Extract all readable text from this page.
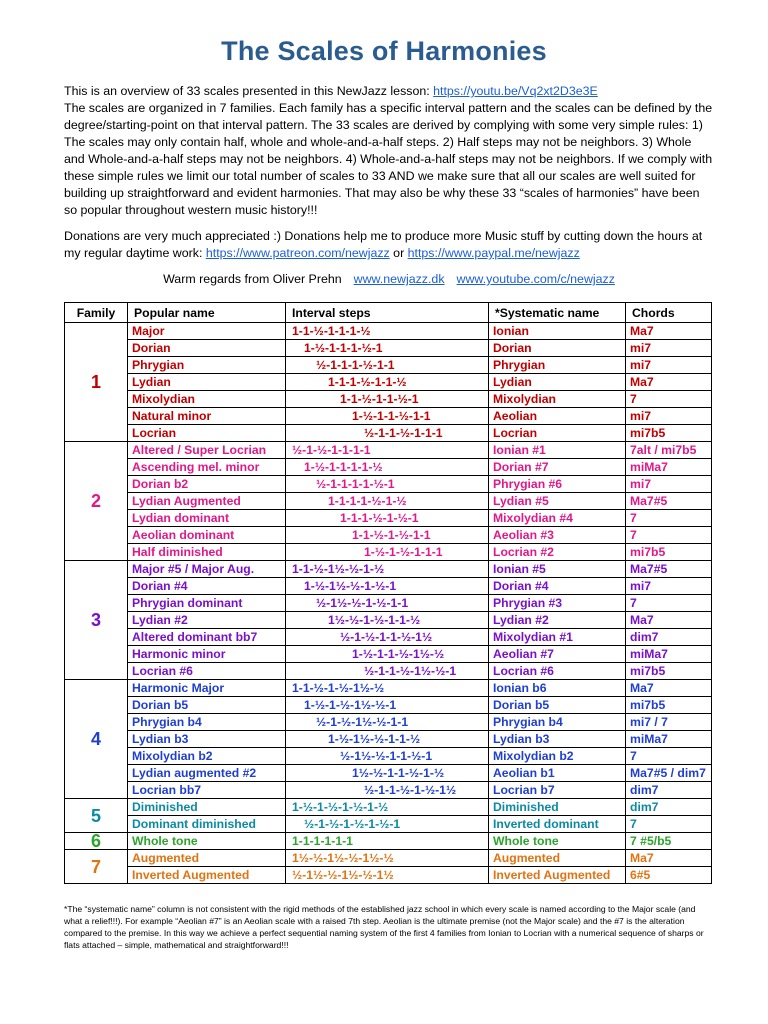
The Scales of Harmonies

This is an overview of 33 scales presented in this NewJazz lesson: https://youtu.be/Vq2xt2D3e3E

The scales are organized in 7 families. Each family has a specific interval pattern and the scales can be defined by the degree/starting-point on that interval pattern. The 33 scales are derived by complying with some very simple rules: 1) The scales may only contain half, whole and whole-and-a-half steps. 2) Half steps may not be neighbors. 3) Whole and Whole-and-a-half steps may not be neighbors. 4) Whole-and-a-half steps may not be neighbors. If we comply with these simple rules we limit our total number of scales to 33 AND we make sure that all our scales are well suited for building up straightforward and evident harmonies. That may also be why these 33 “scales of harmonies” have been so popular throughout western music history!!!

Donations are very much appreciated :) Donations help me to produce more Music stuff by cutting down the hours at my regular daytime work: https://www.patreon.com/newjazz or https://www.paypal.me/newjazz

Warm regards from Oliver Prehn www.newjazz.dk www.youtube.com/c/newjazz

Family	Popular name	Interval steps	*Systematic name	Chords
1	Major	1-1-½-1-1-1-½	Ionian	Ma7
	Dorian	1-½-1-1-1-½-1	Dorian	mi7
	Phrygian	½-1-1-1-½-1-1	Phrygian	mi7
	Lydian	1-1-1-½-1-1-½	Lydian	Ma7
	Mixolydian	1-1-½-1-1-½-1	Mixolydian	7
	Natural minor	1-½-1-1-½-1-1	Aeolian	mi7
	Locrian	½-1-1-½-1-1-1	Locrian	mi7b5
2	Altered / Super Locrian	½-1-½-1-1-1-1	Ionian #1	7alt / mi7b5
	Ascending mel. minor	1-½-1-1-1-1-½	Dorian #7	miMa7
	Dorian b2	½-1-1-1-1-½-1	Phrygian #6	mi7
	Lydian Augmented	1-1-1-1-½-1-½	Lydian #5	Ma7#5
	Lydian dominant	1-1-1-½-1-½-1	Mixolydian #4	7
	Aeolian dominant	1-1-½-1-½-1-1	Aeolian #3	7
	Half diminished	1-½-1-½-1-1-1	Locrian #2	mi7b5
3	Major #5 / Major Aug.	1-1-½-1½-½-1-½	Ionian #5	Ma7#5
	Dorian #4	1-½-1½-½-1-½-1	Dorian #4	mi7
	Phrygian dominant	½-1½-½-1-½-1-1	Phrygian #3	7
	Lydian #2	1½-½-1-½-1-1-½	Lydian #2	Ma7
	Altered dominant bb7	½-1-½-1-1-½-1½	Mixolydian #1	dim7
	Harmonic minor	1-½-1-1-½-1½-½	Aeolian #7	miMa7
	Locrian #6	½-1-1-½-1½-½-1	Locrian #6	mi7b5
4	Harmonic Major	1-1-½-1-½-1½-½	Ionian b6	Ma7
	Dorian b5	1-½-1-½-1½-½-1	Dorian b5	mi7b5
	Phrygian b4	½-1-½-1½-½-1-1	Phrygian b4	mi7 / 7
	Lydian b3	1-½-1½-½-1-1-½	Lydian b3	miMa7
	Mixolydian b2	½-1½-½-1-1-½-1	Mixolydian b2	7
	Lydian augmented #2	1½-½-1-1-½-1-½	Aeolian b1	Ma7#5 / dim7
	Locrian bb7	½-1-1-½-1-½-1½	Locrian b7	dim7
5	Diminished	1-½-1-½-1-½-1-½	Diminished	dim7
	Dominant diminished	½-1-½-1-½-1-½-1	Inverted dominant	7
6	Whole tone	1-1-1-1-1-1	Whole tone	7 #5/b5
7	Augmented	1½-½-1½-½-1½-½	Augmented	Ma7
	Inverted Augmented	½-1½-½-1½-½-1½	Inverted Augmented	6#5

*The “systematic name” column is not consistent with the rigid methods of the established jazz school in which every scale is named according to the Major scale (and what a relief!!!). For example “Aeolian #7” is an Aeolian scale with a raised 7th step. Aeolian is the ultimate premise (not the Major scale) and the #7 is the alteration compared to the premise. In this way we achieve a perfect sequential naming system of the first 4 families from Ionian to Locrian with a numerical sequence of sharps or flats attached – simple, mathematical and straightforward!!!
